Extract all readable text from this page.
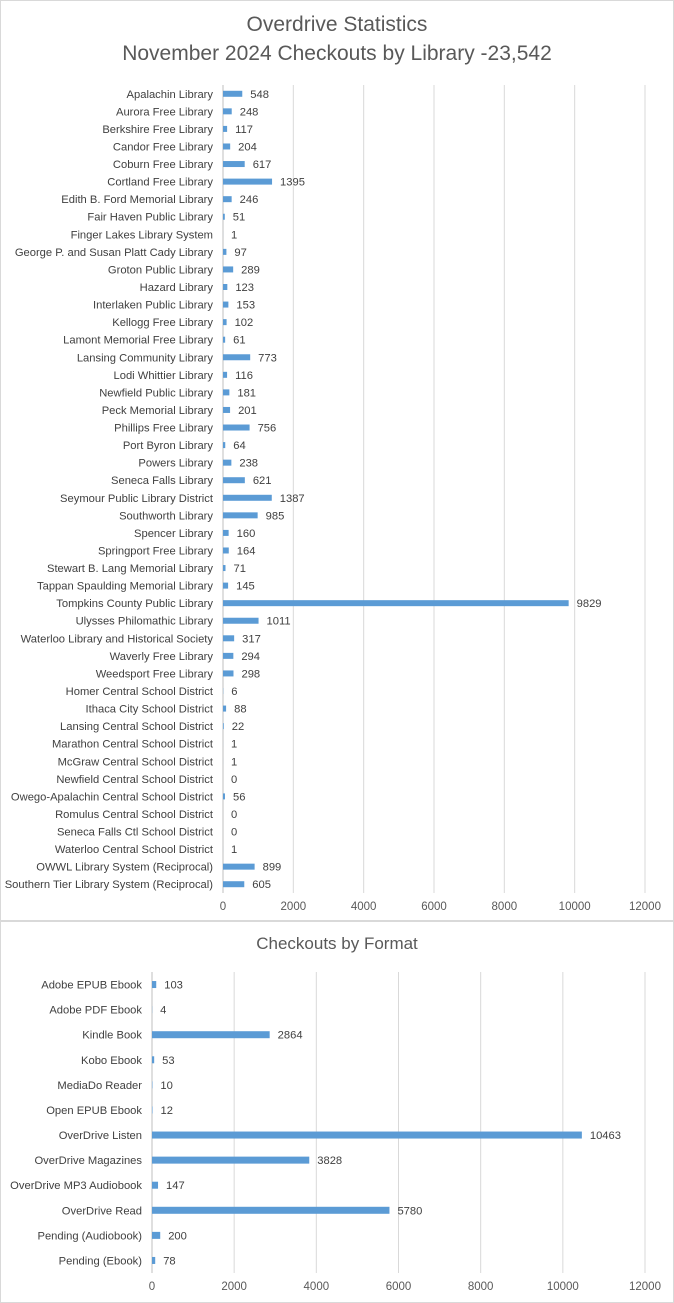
Overdrive Statistics
November 2024 Checkouts by Library -23,542
0	2000	4000	6000	8000	10000	12000
Apalachin Library	548
Aurora Free Library 248
Berkshire Free Library 117
Candor Free Library 204
Coburn Free Library	617
Cortland Free Library	1395
Edith B. Ford Memorial Library 246
Fair Haven Public Library 51
Finger Lakes Library System 1
George P. and Susan Platt Cady Library 97
Groton Public Library	289
Hazard Library 123
Interlaken Public Library 153
Kellogg Free Library 102
Lamont Memorial Free Library 61
Lansing Community Library	773
Lodi Whittier Library 116
Newfield Public Library 181
Peck Memorial Library 201
Phillips Free Library	756
Port Byron Library 64
Powers Library 238
Seneca Falls Library	621
Seymour Public Library District	1387
Southworth Library	985
Spencer Library 160
Springport Free Library 164
Stewart B. Lang Memorial Library 71
Tappan Spaulding Memorial Library 145
Tompkins County Public Library	9829
Ulysses Philomathic Library	1011
Waterloo Library and Historical Society	317
Waverly Free Library	294
Weedsport Free Library	298
Homer Central School District 6
Ithaca City School District 88
Lansing Central School District 22
Marathon Central School District 1
McGraw Central School District 1
Newfield Central School District 0
Owego-Apalachin Central School District 56
Romulus Central School District 0
Seneca Falls Ctl School District 0
Waterloo Central School District 1
OWWL Library System (Reciprocal)	899
Southern Tier Library System (Reciprocal)	605
Checkouts by Format
0	2000	4000	6000	8000	10000	12000
Adobe EPUB Ebook 103
Adobe PDF Ebook 4
Kindle Book	2864
Kobo Ebook 53
MediaDo Reader 10
Open EPUB Ebook 12
OverDrive Listen	10463
OverDrive Magazines	3828
OverDrive MP3 Audiobook 147
OverDrive Read	5780
Pending (Audiobook) 200
Pending (Ebook) 78
